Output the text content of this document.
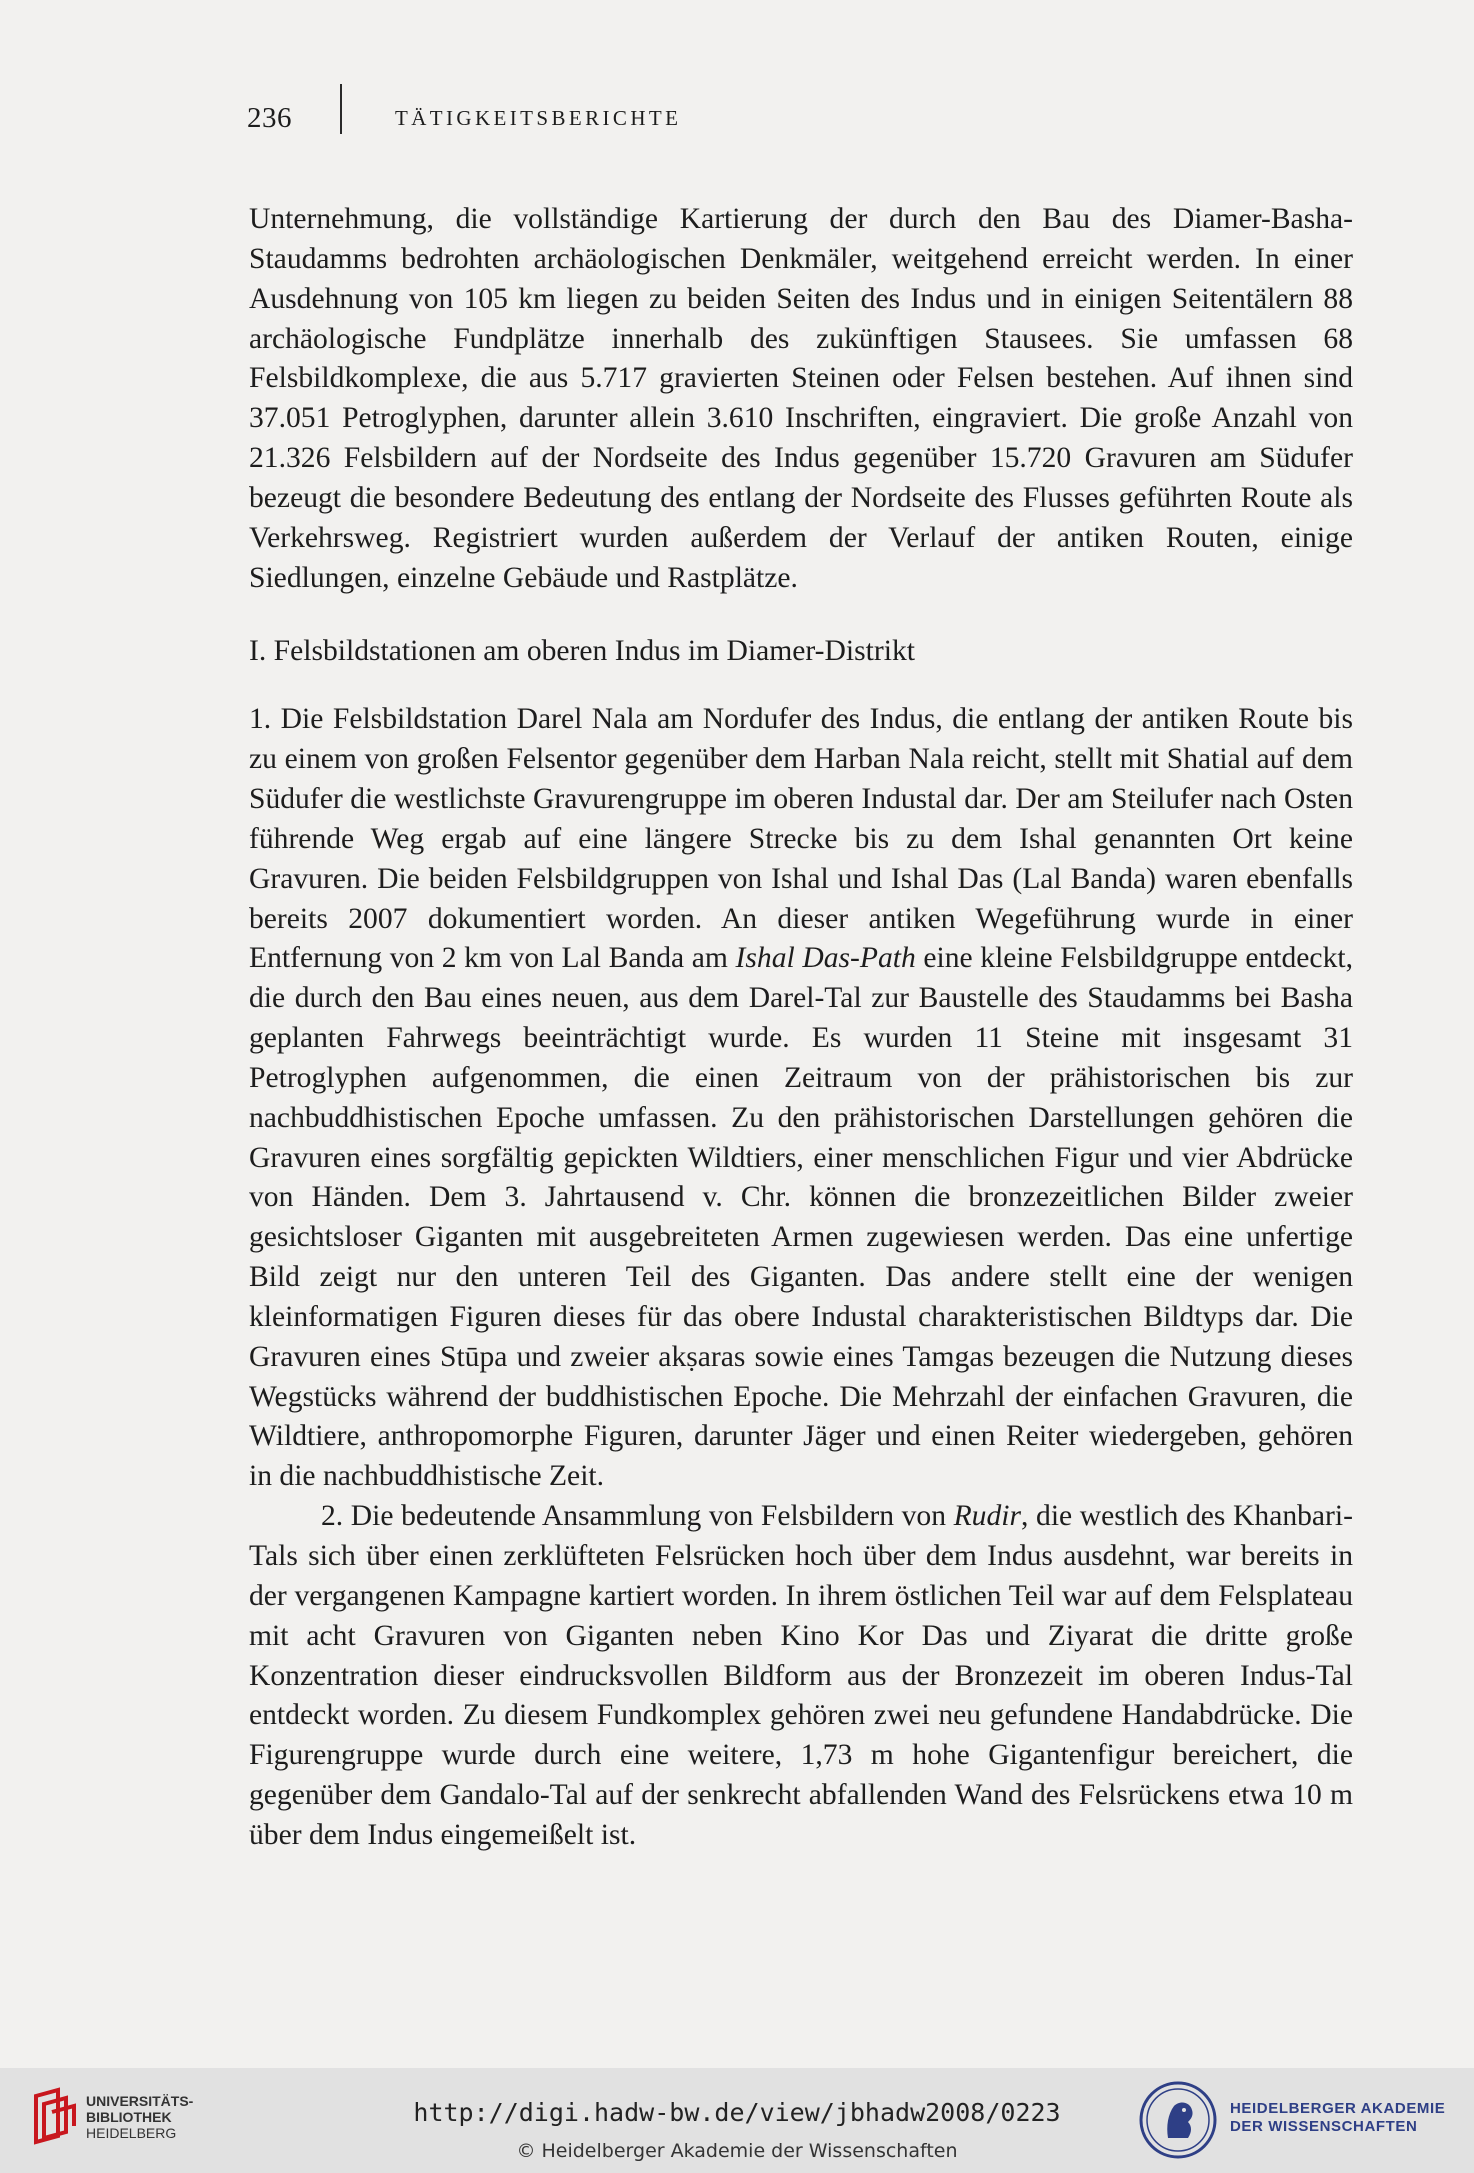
236	TÄTIGKEITSBERICHTE

Unternehmung, die vollständige Kartierung der durch den Bau des Diamer-Basha-Staudamms bedrohten archäologischen Denkmäler, weitgehend erreicht werden. In einer Ausdehnung von 105 km liegen zu beiden Seiten des Indus und in einigen Seitentälern 88 archäologische Fundplätze innerhalb des zukünftigen Stausees. Sie umfassen 68 Felsbildkomplexe, die aus 5.717 gravierten Steinen oder Felsen bestehen. Auf ihnen sind 37.051 Petroglyphen, darunter allein 3.610 Inschriften, eingraviert. Die große Anzahl von 21.326 Felsbildern auf der Nordseite des Indus gegenüber 15.720 Gravuren am Südufer bezeugt die besondere Bedeutung des entlang der Nordseite des Flusses geführten Route als Verkehrsweg. Registriert wurden außerdem der Verlauf der antiken Routen, einige Siedlungen, einzelne Gebäude und Rastplätze.

I. Felsbildstationen am oberen Indus im Diamer-Distrikt

1. Die Felsbildstation Darel Nala am Nordufer des Indus, die entlang der antiken Route bis zu einem von großen Felsentor gegenüber dem Harban Nala reicht, stellt mit Shatial auf dem Südufer die westlichste Gravurengruppe im oberen Industal dar. Der am Steilufer nach Osten führende Weg ergab auf eine längere Strecke bis zu dem Ishal genannten Ort keine Gravuren. Die beiden Felsbildgruppen von Ishal und Ishal Das (Lal Banda) waren ebenfalls bereits 2007 dokumentiert worden. An dieser antiken Wegeführung wurde in einer Entfernung von 2 km von Lal Banda am Ishal Das-Path eine kleine Felsbildgruppe entdeckt, die durch den Bau eines neuen, aus dem Darel-Tal zur Baustelle des Staudamms bei Basha geplanten Fahrwegs beeinträchtigt wurde. Es wurden 11 Steine mit insgesamt 31 Petroglyphen aufgenommen, die einen Zeitraum von der prähistorischen bis zur nachbuddhistischen Epoche umfassen. Zu den prähistorischen Darstellungen gehören die Gravuren eines sorgfältig gepickten Wildtiers, einer menschlichen Figur und vier Abdrücke von Händen. Dem 3. Jahrtausend v. Chr. können die bronzezeitlichen Bilder zweier gesichtsloser Giganten mit ausgebreiteten Armen zugewiesen werden. Das eine unfertige Bild zeigt nur den unteren Teil des Giganten. Das andere stellt eine der wenigen kleinformatigen Figuren dieses für das obere Industal charakteristischen Bildtyps dar. Die Gravuren eines Stūpa und zweier akṣaras sowie eines Tamgas bezeugen die Nutzung dieses Wegstücks während der buddhistischen Epoche. Die Mehrzahl der einfachen Gravuren, die Wildtiere, anthropomorphe Figuren, darunter Jäger und einen Reiter wiedergeben, gehören in die nachbuddhistische Zeit.

2. Die bedeutende Ansammlung von Felsbildern von Rudir, die westlich des Khanbari-Tals sich über einen zerklüfteten Felsrücken hoch über dem Indus ausdehnt, war bereits in der vergangenen Kampagne kartiert worden. In ihrem östlichen Teil war auf dem Felsplateau mit acht Gravuren von Giganten neben Kino Kor Das und Ziyarat die dritte große Konzentration dieser eindrucksvollen Bildform aus der Bronzezeit im oberen Indus-Tal entdeckt worden. Zu diesem Fundkomplex gehören zwei neu gefundene Handabdrücke. Die Figurengruppe wurde durch eine weitere, 1,73 m hohe Gigantenfigur bereichert, die gegenüber dem Gandalo-Tal auf der senkrecht abfallenden Wand des Felsrückens etwa 10 m über dem Indus eingemeißelt ist.

UNIVERSITÄTS-
BIBLIOTHEK
HEIDELBERG
http://digi.hadw-bw.de/view/jbhadw2008/0223
© Heidelberger Akademie der Wissenschaften
HEIDELBERGER AKADEMIE
DER WISSENSCHAFTEN
